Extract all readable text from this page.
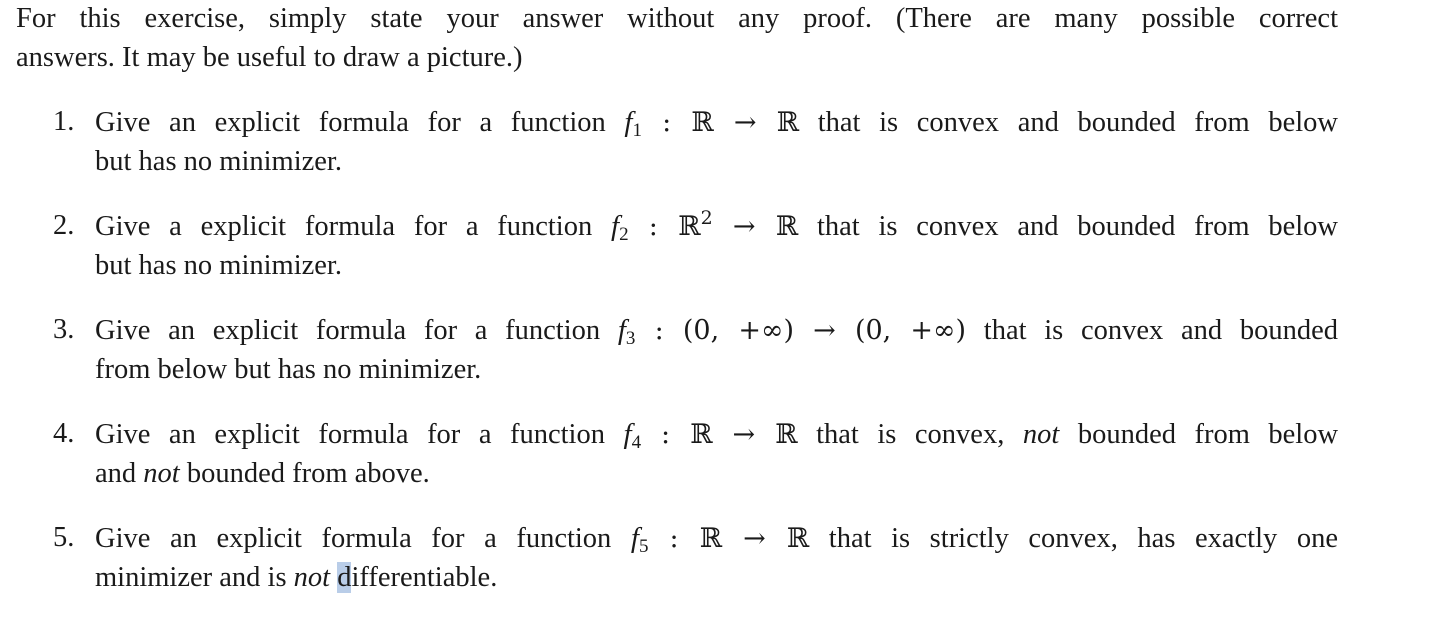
For this exercise, simply state your answer without any proof. (There are many possible correct
answers. It may be useful to draw a picture.)

1. Give an explicit formula for a function $f_1$ : ℝ → ℝ that is convex and bounded from below
but has no minimizer.
2. Give a explicit formula for a function $f_2$ : ℝ$^2$ → ℝ that is convex and bounded from below
but has no minimizer.
3. Give an explicit formula for a function $f_3$ : (0, +∞) → (0, +∞) that is convex and bounded
from below but has no minimizer.
4. Give an explicit formula for a function $f_4$ : ℝ → ℝ that is convex, not bounded from below
and not bounded from above.
5. Give an explicit formula for a function $f_5$ : ℝ → ℝ that is strictly convex, has exactly one
minimizer and is not differentiable.
